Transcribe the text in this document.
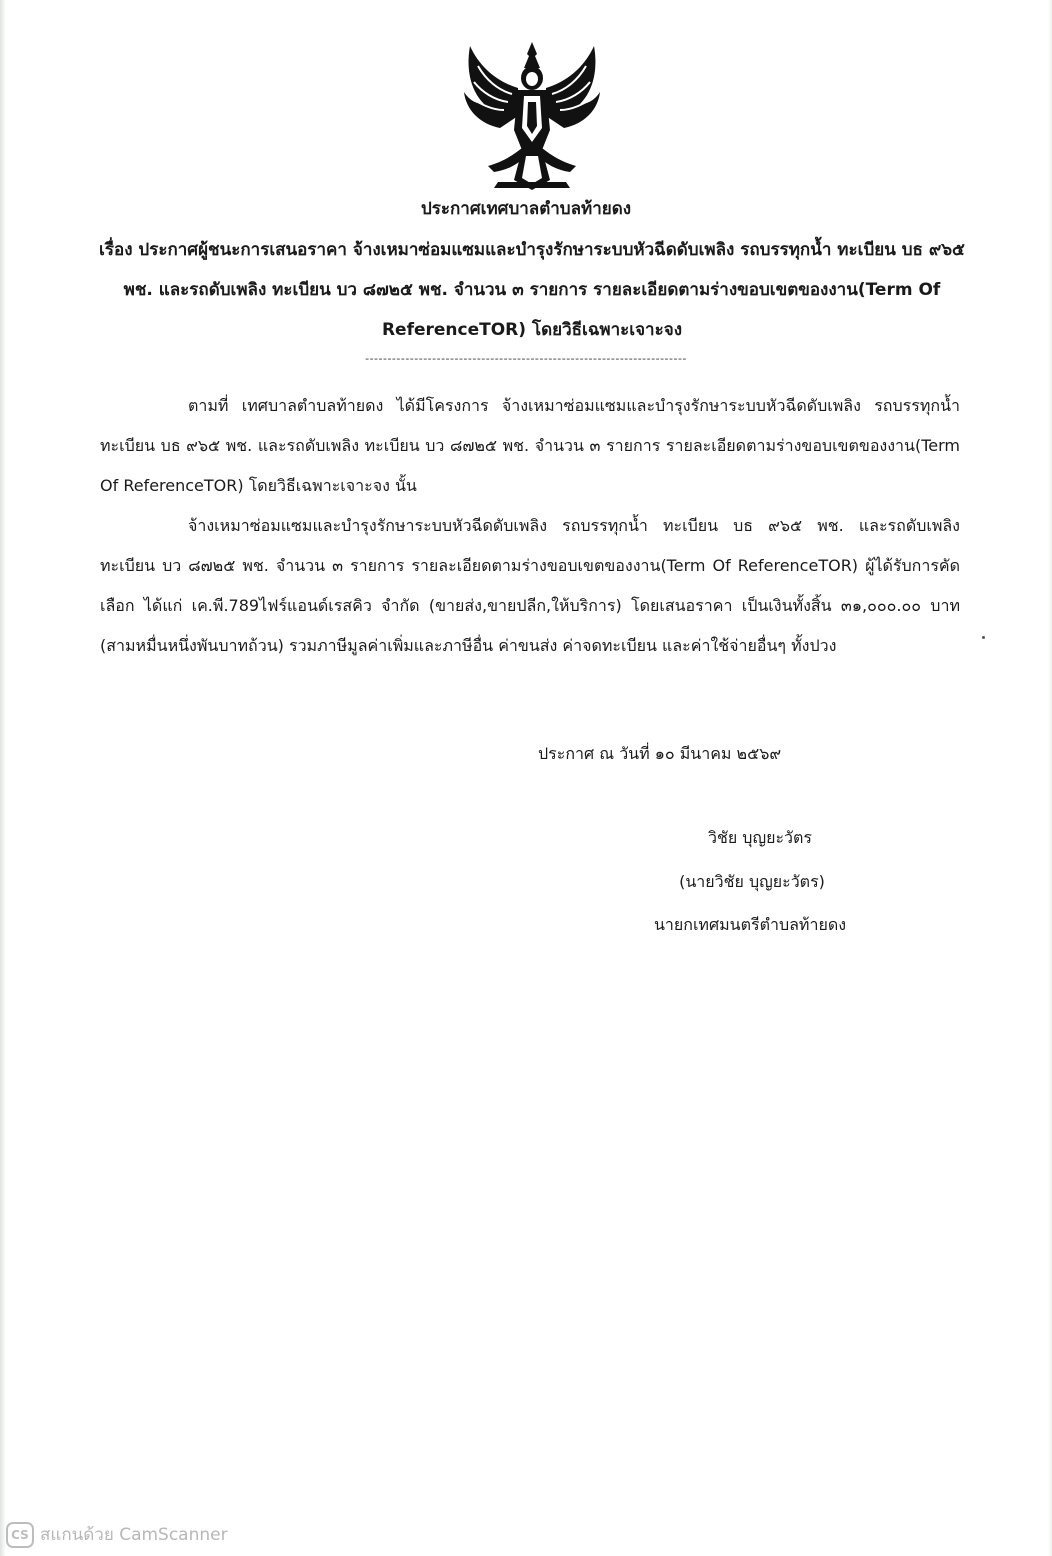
ประกาศเทศบาลตำบลท้ายดง
เรื่อง ประกาศผู้ชนะการเสนอราคา จ้างเหมาซ่อมแซมและบำรุงรักษาระบบหัวฉีดดับเพลิง รถบรรทุกน้ำ ทะเบียน บธ ๙๖๕ พช. และรถดับเพลิง ทะเบียน บว ๘๗๒๕ พช. จำนวน ๓ รายการ รายละเอียดตามร่างขอบเขตของงาน(Term Of ReferenceTOR) โดยวิธีเฉพาะเจาะจง
------------------------------------------------------------------------
ตามที่ เทศบาลตำบลท้ายดง ได้มีโครงการ จ้างเหมาซ่อมแซมและบำรุงรักษาระบบหัวฉีดดับเพลิง รถบรรทุกน้ำ ทะเบียน บธ ๙๖๕ พช. และรถดับเพลิง ทะเบียน บว ๘๗๒๕ พช. จำนวน ๓ รายการ รายละเอียดตามร่างขอบเขตของงาน(Term Of ReferenceTOR) โดยวิธีเฉพาะเจาะจง นั้น
จ้างเหมาซ่อมแซมและบำรุงรักษาระบบหัวฉีดดับเพลิง รถบรรทุกน้ำ ทะเบียน บธ ๙๖๕ พช. และรถดับเพลิง ทะเบียน บว ๘๗๒๕ พช. จำนวน ๓ รายการ รายละเอียดตามร่างขอบเขตของงาน(Term Of ReferenceTOR) ผู้ได้รับการคัดเลือก ได้แก่ เค.พี.789ไฟร์แอนด์เรสคิว จำกัด (ขายส่ง,ขายปลีก,ให้บริการ) โดยเสนอราคา เป็นเงินทั้งสิ้น ๓๑,๐๐๐.๐๐ บาท (สามหมื่นหนึ่งพันบาทถ้วน) รวมภาษีมูลค่าเพิ่มและภาษีอื่น ค่าขนส่ง ค่าจดทะเบียน และค่าใช้จ่ายอื่นๆ ทั้งปวง
ประกาศ ณ วันที่ ๑๐ มีนาคม ๒๕๖๙
วิชัย บุญยะวัตร
(นายวิชัย บุญยะวัตร)
นายกเทศมนตรีตำบลท้ายดง
CS สแกนด้วย CamScanner
